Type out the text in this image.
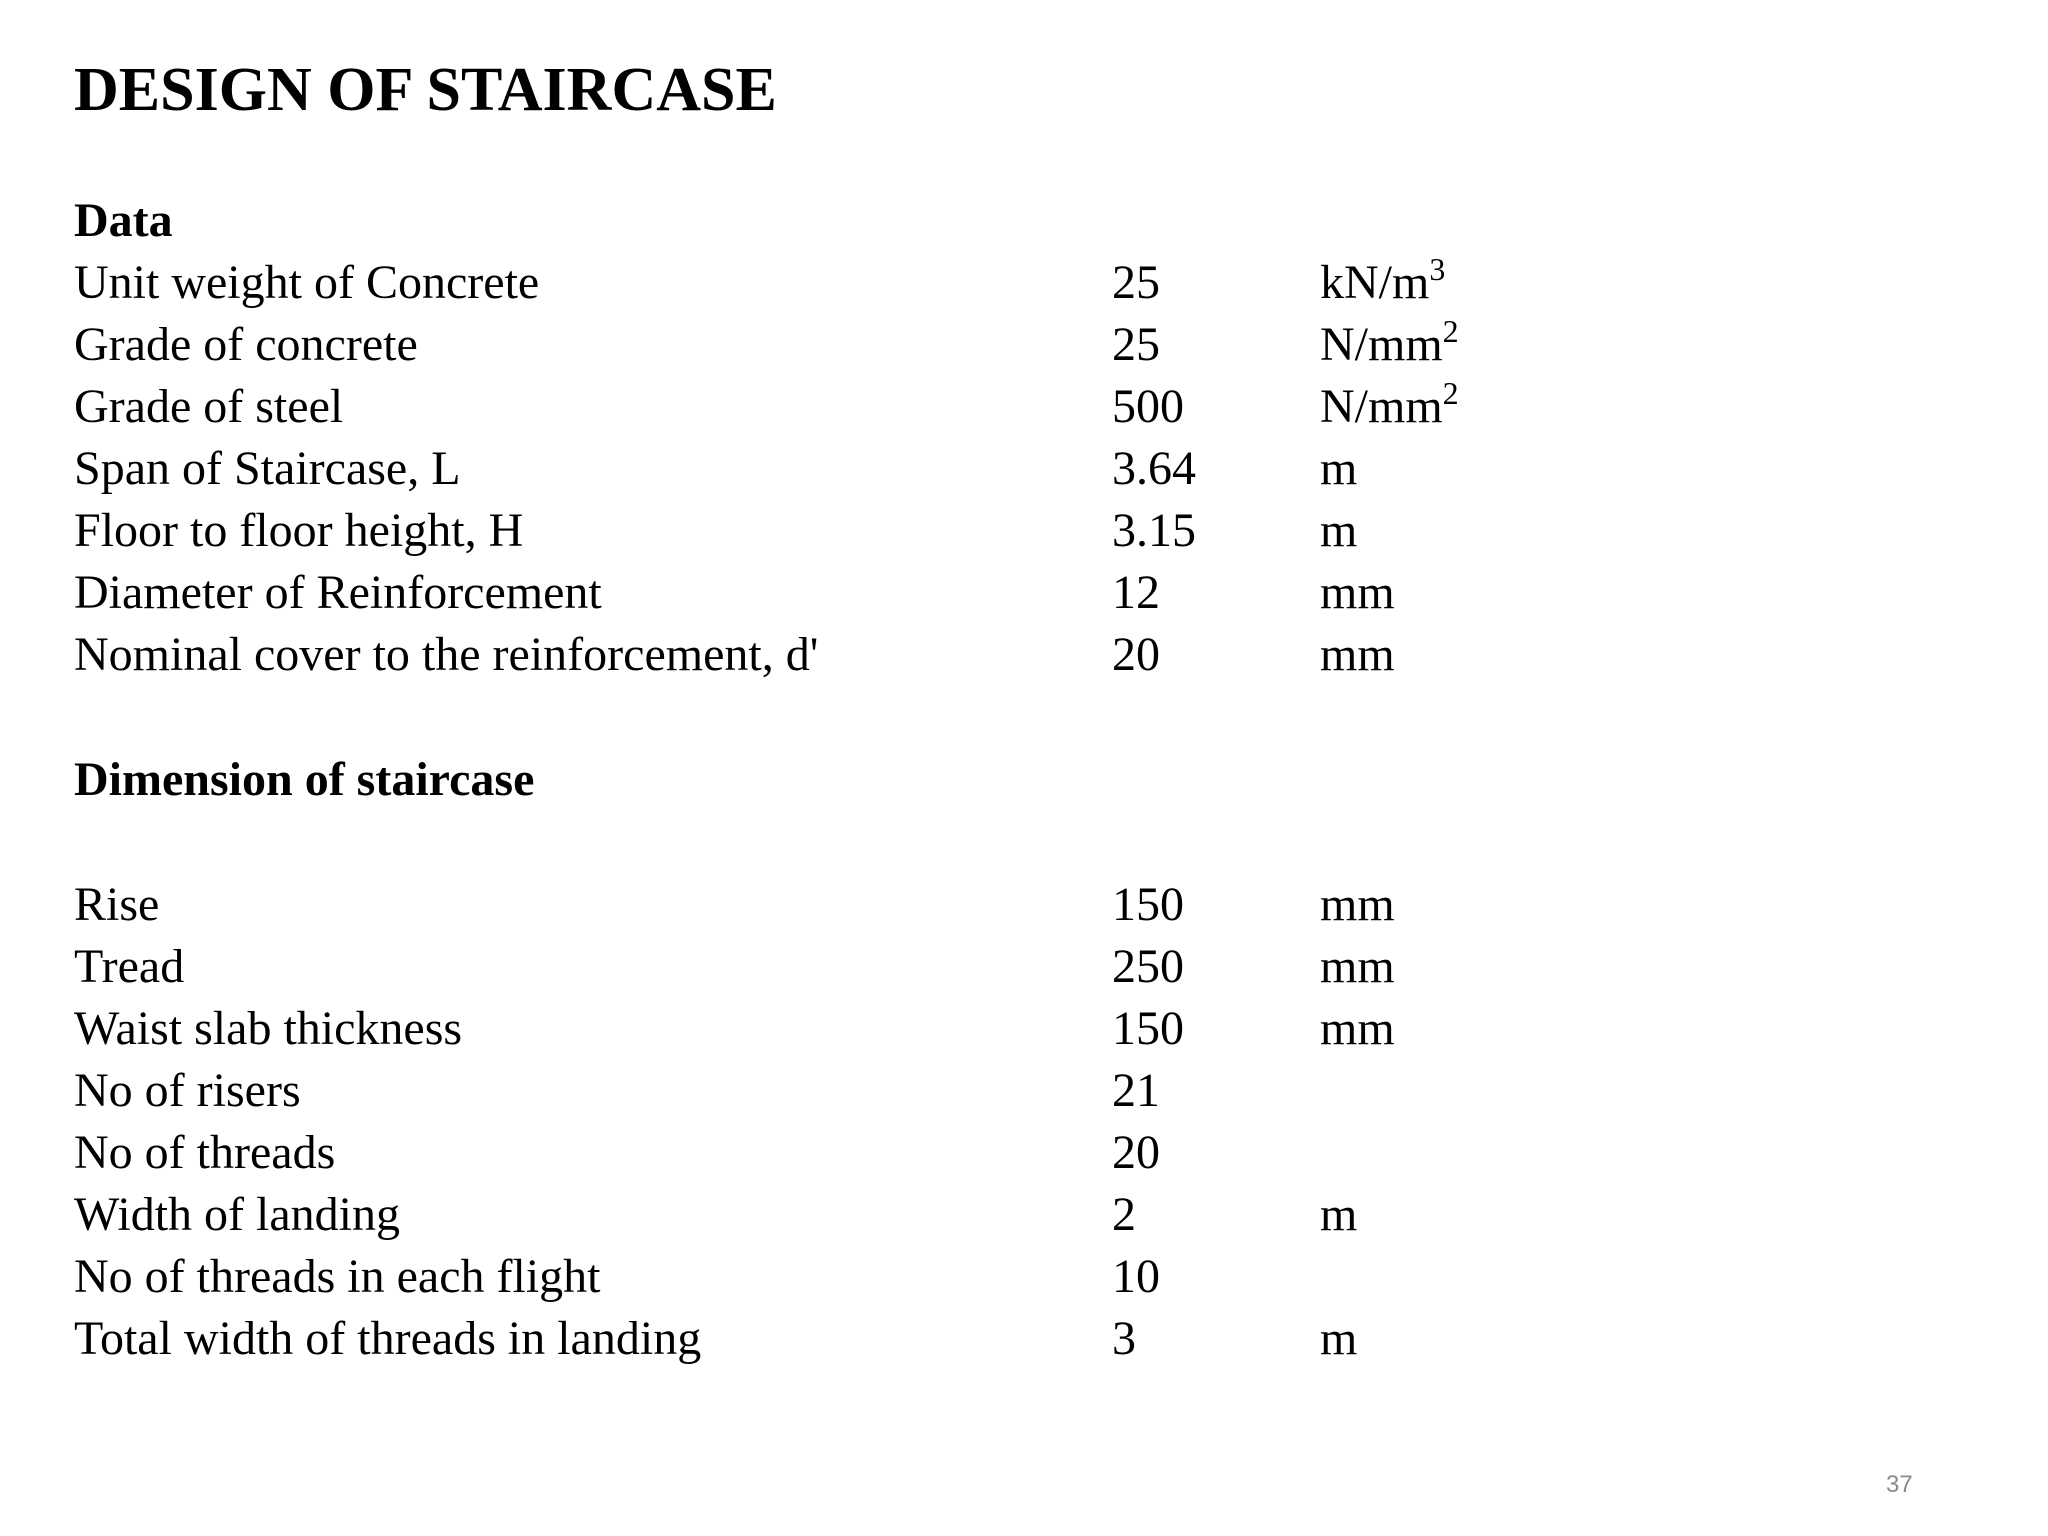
DESIGN OF STAIRCASE
Data
Unit weight of Concrete	25	$kN/m^3$
Grade of concrete	25	$N/mm^2$
Grade of steel	500	$N/mm^2$
Span of Staircase, L	3.64	m
Floor to floor height, H	3.15	m
Diameter of Reinforcement	12	mm
Nominal cover to the reinforcement, d'	20	mm
Dimension of staircase
Rise	150	mm
Tread	250	mm
Waist slab thickness	150	mm
No of risers	21
No of threads	20
Width of landing	2	m
No of threads in each flight	10
Total width of threads in landing	3	m
37
